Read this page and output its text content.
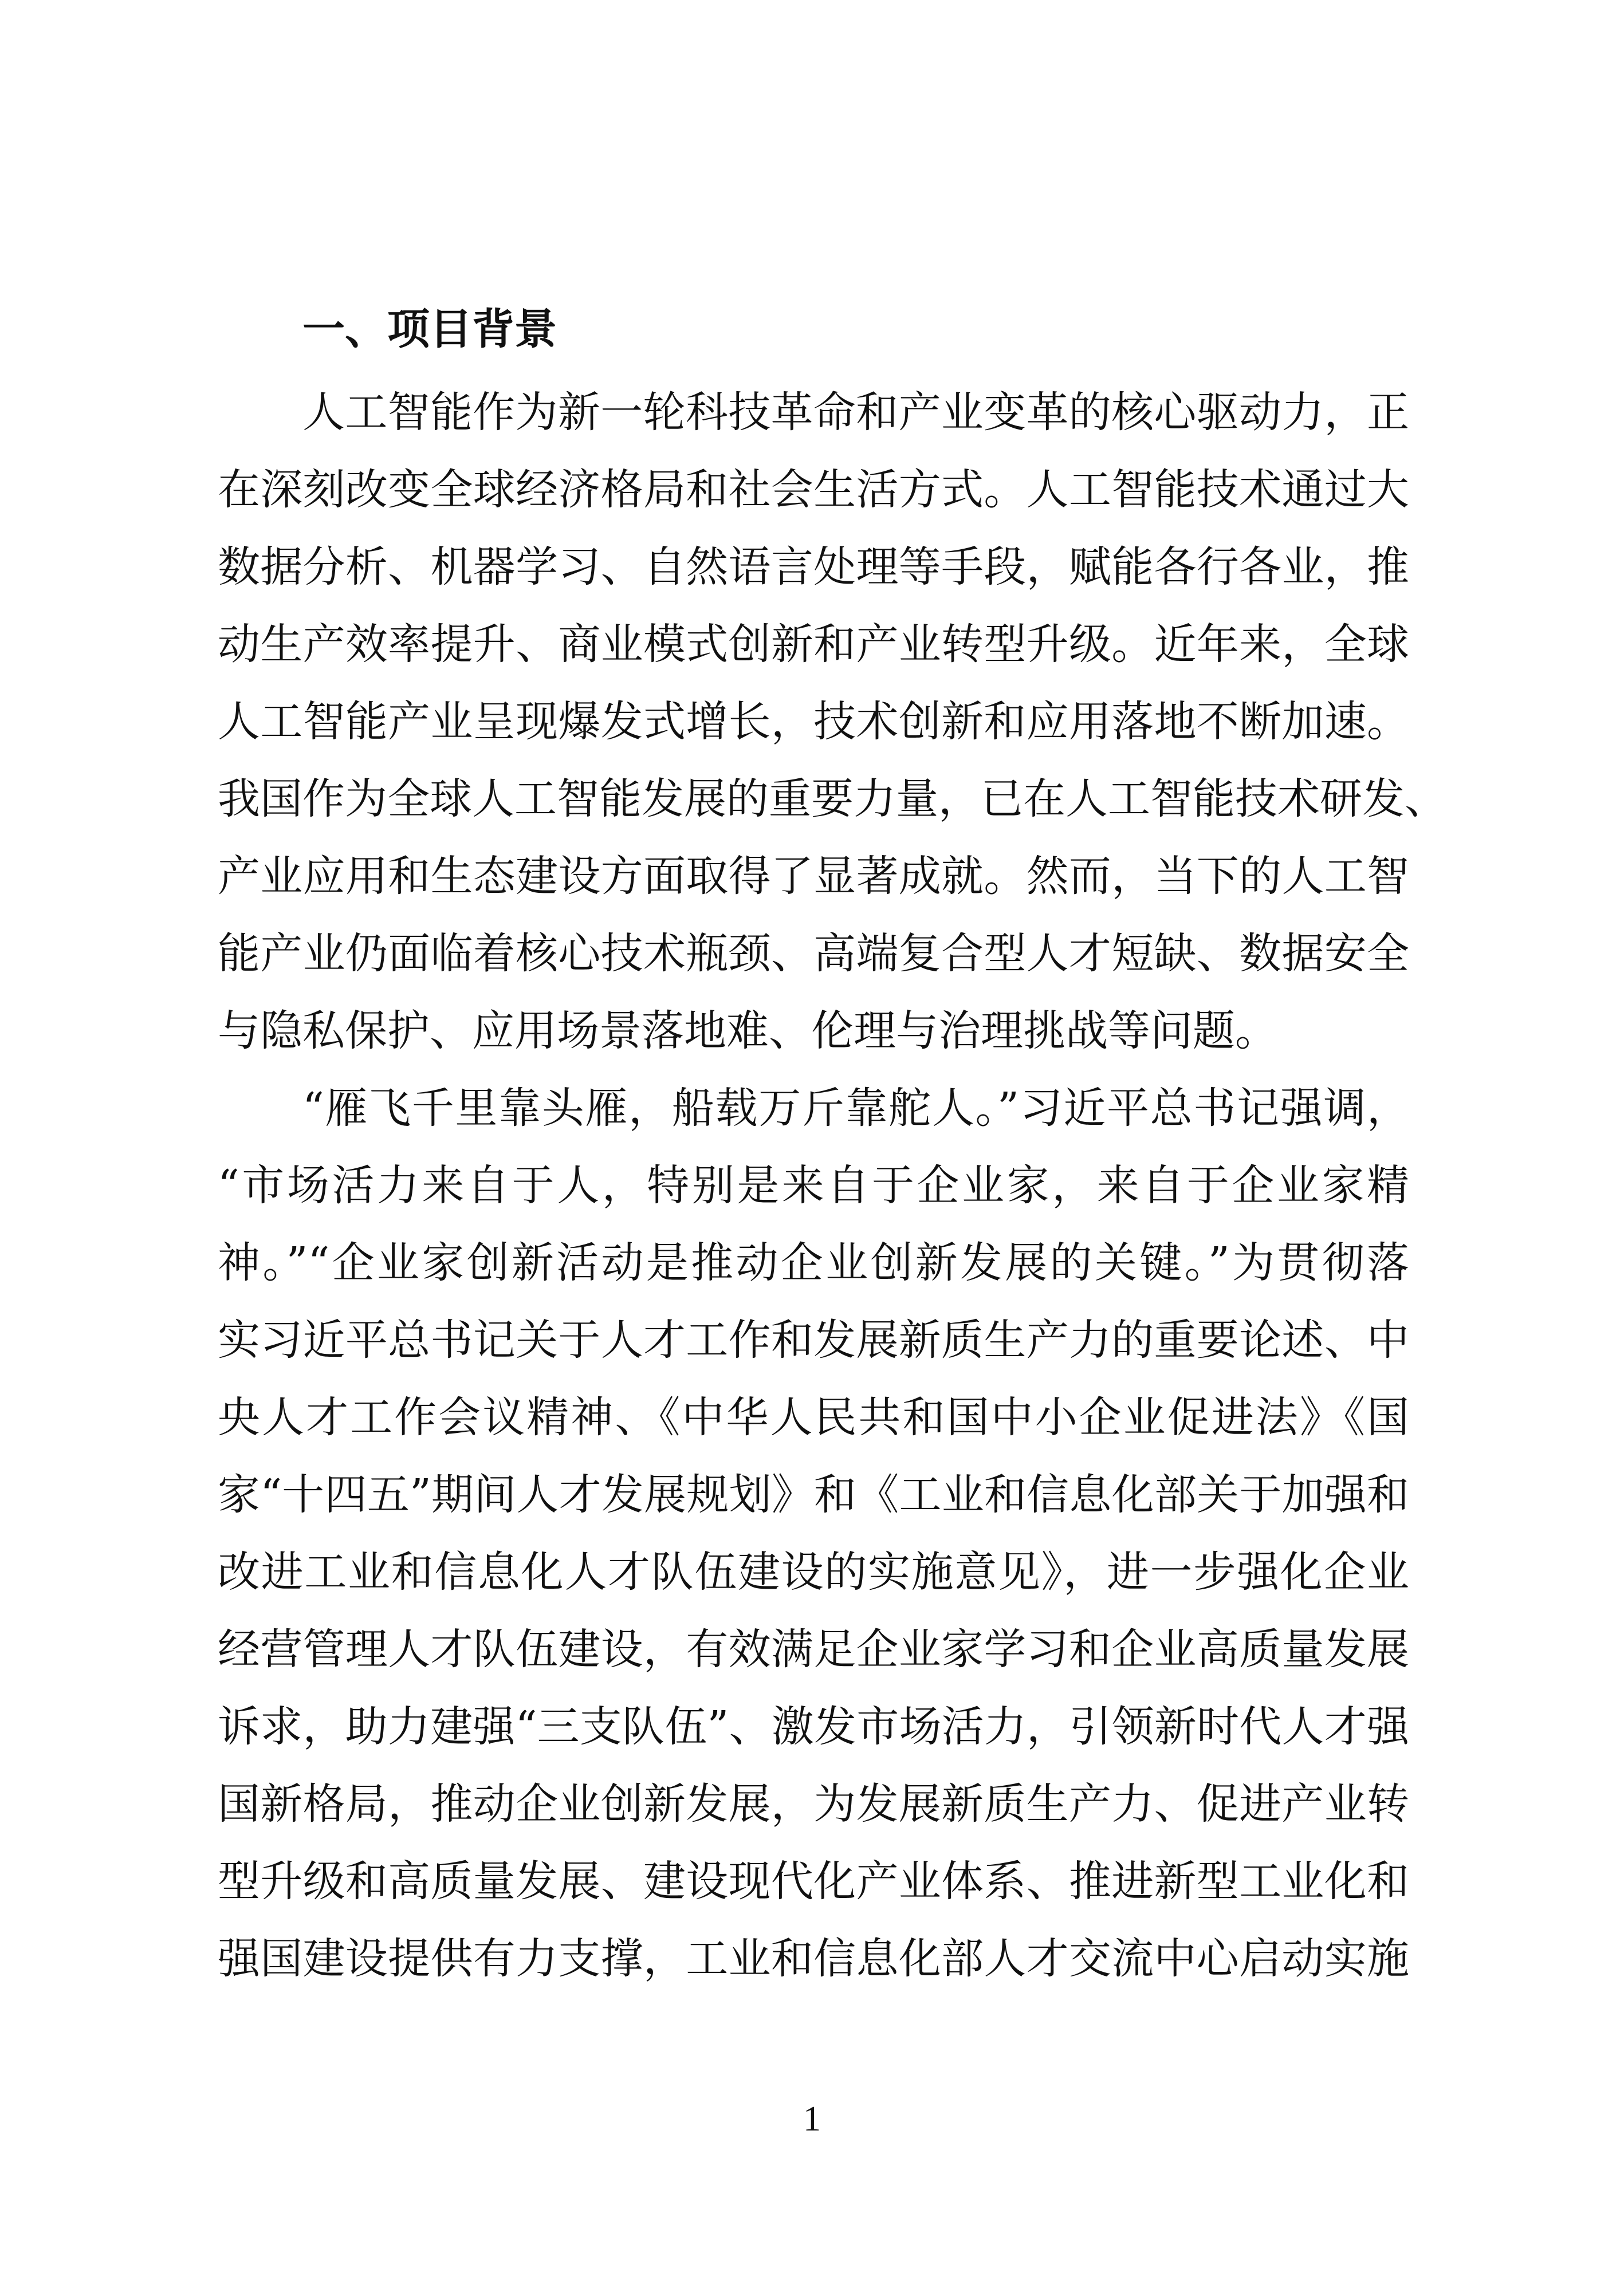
一、项目背景

人工智能作为新一轮科技革命和产业变革的核心驱动力，正

在深刻改变全球经济格局和社会生活方式。人工智能技术通过大

数据分析、机器学习、自然语言处理等手段，赋能各行各业，推

动生产效率提升、商业模式创新和产业转型升级。近年来，全球

人工智能产业呈现爆发式增长，技术创新和应用落地不断加速。

我国作为全球人工智能发展的重要力量，已在人工智能技术研发、

产业应用和生态建设方面取得了显著成就。然而，当下的人工智

能产业仍面临着核心技术瓶颈、高端复合型人才短缺、数据安全

与隐私保护、应用场景落地难、伦理与治理挑战等问题。

“雁飞千里靠头雁，船载万斤靠舵人。”习近平总书记强调，

“市场活力来自于人，特别是来自于企业家，来自于企业家精

神。”“企业家创新活动是推动企业创新发展的关键。”为贯彻落

实习近平总书记关于人才工作和发展新质生产力的重要论述、中

央人才工作会议精神、《中华人民共和国中小企业促进法》《国

家“十四五”期间人才发展规划》和《工业和信息化部关于加强和

改进工业和信息化人才队伍建设的实施意见》，进一步强化企业

经营管理人才队伍建设，有效满足企业家学习和企业高质量发展

诉求，助力建强“三支队伍”、激发市场活力，引领新时代人才强

国新格局，推动企业创新发展，为发展新质生产力、促进产业转

型升级和高质量发展、建设现代化产业体系、推进新型工业化和

强国建设提供有力支撑，工业和信息化部人才交流中心启动实施

1
